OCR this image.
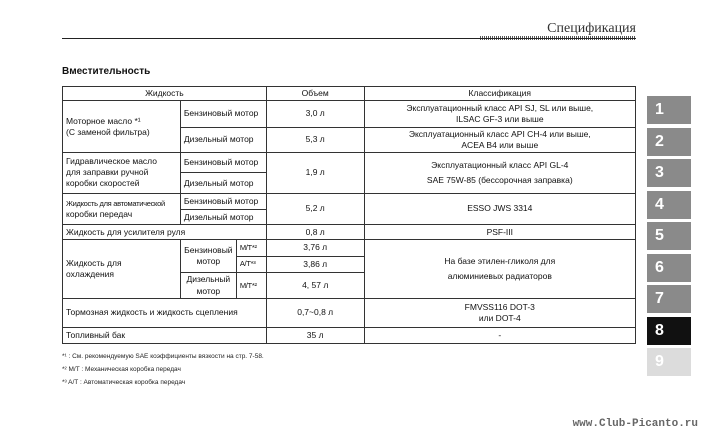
Спецификация
Вместительность
Жидкость			Объем	Классификация
Моторное масло *¹
(С заменой фильтра)	Бензиновый мотор		3,0 л	Эксплуатационный класс API SJ, SL или выше,
ILSAC GF-3 или выше
	Дизельный мотор		5,3 л	Эксплуатационный класс API CH-4 или выше,
ACEA B4 или выше
Гидравлическое масло
для заправки ручной
коробки скоростей	Бензиновый мотор		1,9 л	Эксплуатационный класс API GL-4
SAE 75W-85 (бессорочная заправка)
	Дизельный мотор			
Жидкость для автоматической
коробки передач	Бензиновый мотор		5,2 л	ESSO JWS 3314
	Дизельный мотор			
Жидкость для усилителя руля			0,8 л	PSF-III
Жидкость для
охлаждения	Бензиновый
мотор	M/T*²	3,76 л	На базе этилен-гликоля для
алюминиевых радиаторов
		A/T*³	3,86 л	
	Дизельный
мотор	M/T*²	4, 57 л	
Тормозная жидкость и жидкость сцепления			0,7~0,8 л	FMVSS116 DOT-3
или DOT-4
Топливный бак			35 л	-
*¹ : См. рекомендуемую SAE коэффициенты вязкости на стр. 7-58.
*² M/T : Механическая коробка передач
*³ A/T : Автоматическая коробка передач
1
2
3
4
5
6
7
8
9
www.Club-Picanto.ru
